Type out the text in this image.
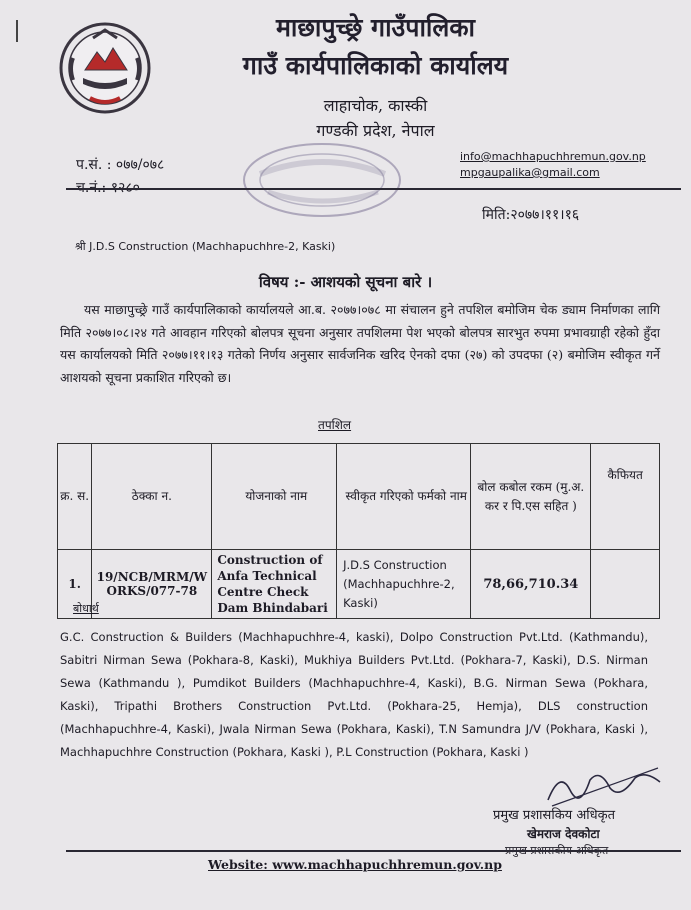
माछापुच्छ्रे गाउँपालिका
गाउँ कार्यपालिकाको कार्यालय
लाहाचोक, कास्की
गण्डकी प्रदेश, नेपाल
प.सं. : ०७७/०७८
च.नं.: १२८०
info@machhapuchhremun.gov.np
mpgaupalika@gmail.com
मिति:२०७७।११।१६
श्री J.D.S Construction (Machhapuchhre-2, Kaski)
विषय :- आशयको सूचना बारे ।
यस माछापुच्छ्रे गाउँ कार्यपालिकाको कार्यालयले आ.ब. २०७७।०७८ मा संचालन हुने तपशिल बमोजिम चेक ड्याम निर्माणका लागि मिति २०७७।०८।२४ गते आवहान गरिएको बोलपत्र सूचना अनुसार तपशिलमा पेश भएको बोलपत्र सारभुत रुपमा प्रभावग्राही रहेको हुँदा यस कार्यालयको मिति २०७७।११।१३ गतेको निर्णय अनुसार सार्वजनिक खरिद ऐनको दफा (२७) को उपदफा (२) बमोजिम स्वीकृत गर्ने आशयको सूचना प्रकाशित गरिएको छ।
तपशिल
क्र. स.	ठेक्का न.	योजनाको नाम	स्वीकृत गरिएको फर्मको नाम	बोल कबोल रकम (मु.अ. कर र पि.एस सहित )	कैफियत
1.	19/NCB/MRM/WORKS/077-78	Construction of Anfa Technical Centre Check Dam Bhindabari	J.D.S Construction (Machhapuchhre-2, Kaski)	78,66,710.34	
बोधार्थ
G.C. Construction & Builders (Machhapuchhre-4, kaski), Dolpo Construction Pvt.Ltd. (Kathmandu), Sabitri Nirman Sewa (Pokhara-8, Kaski), Mukhiya Builders Pvt.Ltd. (Pokhara-7, Kaski), D.S. Nirman Sewa (Kathmandu ), Pumdikot Builders (Machhapuchhre-4, Kaski), B.G. Nirman Sewa (Pokhara, Kaski), Tripathi Brothers Construction Pvt.Ltd. (Pokhara-25, Hemja), DLS construction (Machhapuchhre-4, Kaski), Jwala Nirman Sewa (Pokhara, Kaski), T.N Samundra J/V (Pokhara, Kaski ), Machhapuchhre Construction (Pokhara, Kaski ), P.L Construction (Pokhara, Kaski )
प्रमुख प्रशासकिय अधिकृत
खेमराज देवकोटा
प्रमुख प्रशासकीय अधिकृत
Website: www.machhapuchhremun.gov.np
